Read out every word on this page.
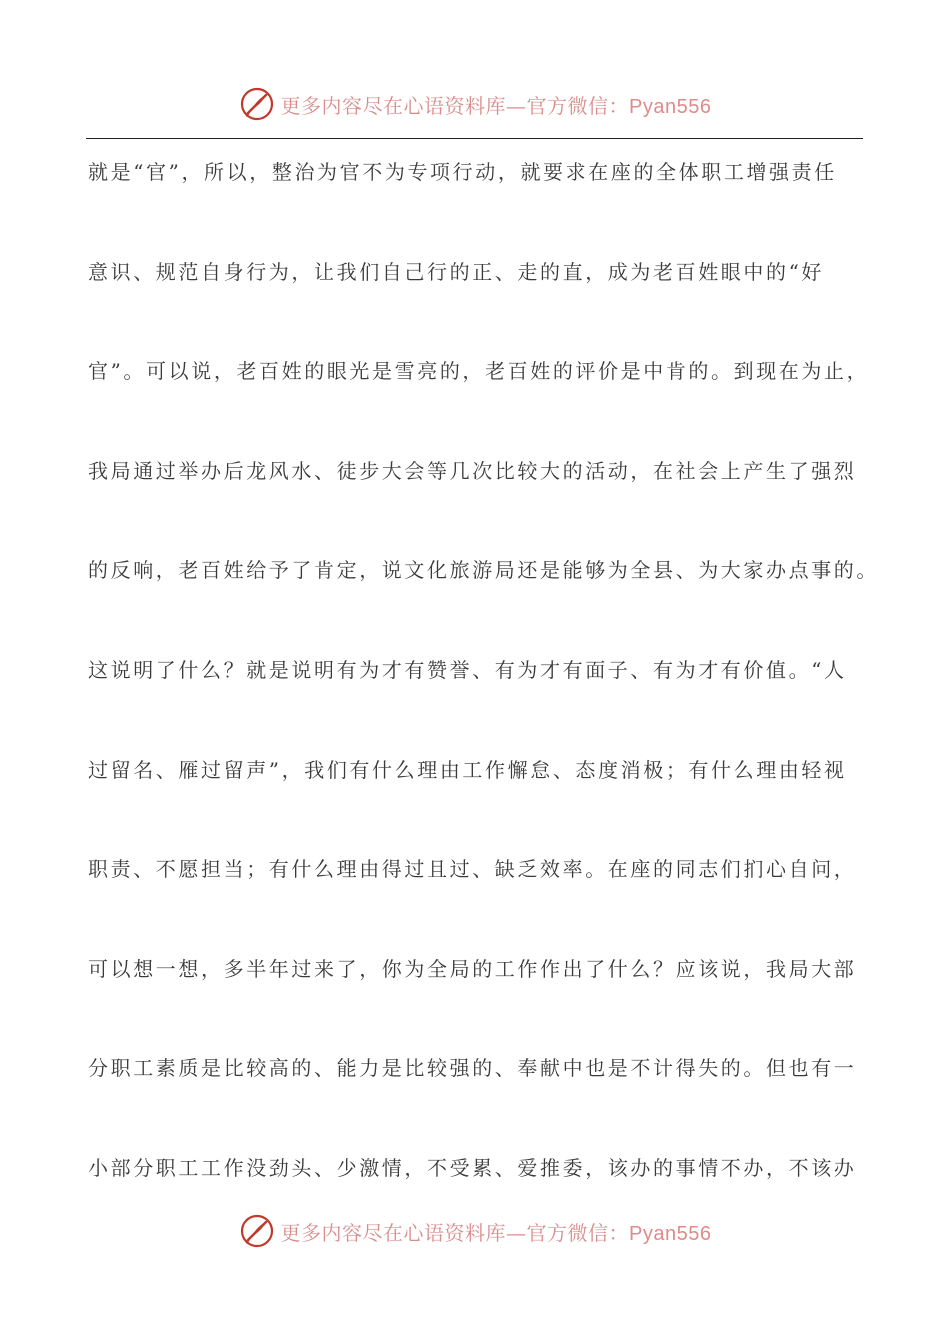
更多内容尽在心语资料库—官方微信：Pyan556
就是“官”，所以，整治为官不为专项行动，就要求在座的全体职工增强责任
意识、规范自身行为，让我们自己行的正、走的直，成为老百姓眼中的“好
官”。可以说，老百姓的眼光是雪亮的，老百姓的评价是中肯的。到现在为止，
我局通过举办后龙风水、徒步大会等几次比较大的活动，在社会上产生了强烈
的反响，老百姓给予了肯定，说文化旅游局还是能够为全县、为大家办点事的。
这说明了什么？就是说明有为才有赞誉、有为才有面子、有为才有价值。“人
过留名、雁过留声”，我们有什么理由工作懈怠、态度消极；有什么理由轻视
职责、不愿担当；有什么理由得过且过、缺乏效率。在座的同志们扪心自问，
可以想一想，多半年过来了，你为全局的工作作出了什么？应该说，我局大部
分职工素质是比较高的、能力是比较强的、奉献中也是不计得失的。但也有一
小部分职工工作没劲头、少激情，不受累、爱推委，该办的事情不办，不该办
更多内容尽在心语资料库—官方微信：Pyan556
